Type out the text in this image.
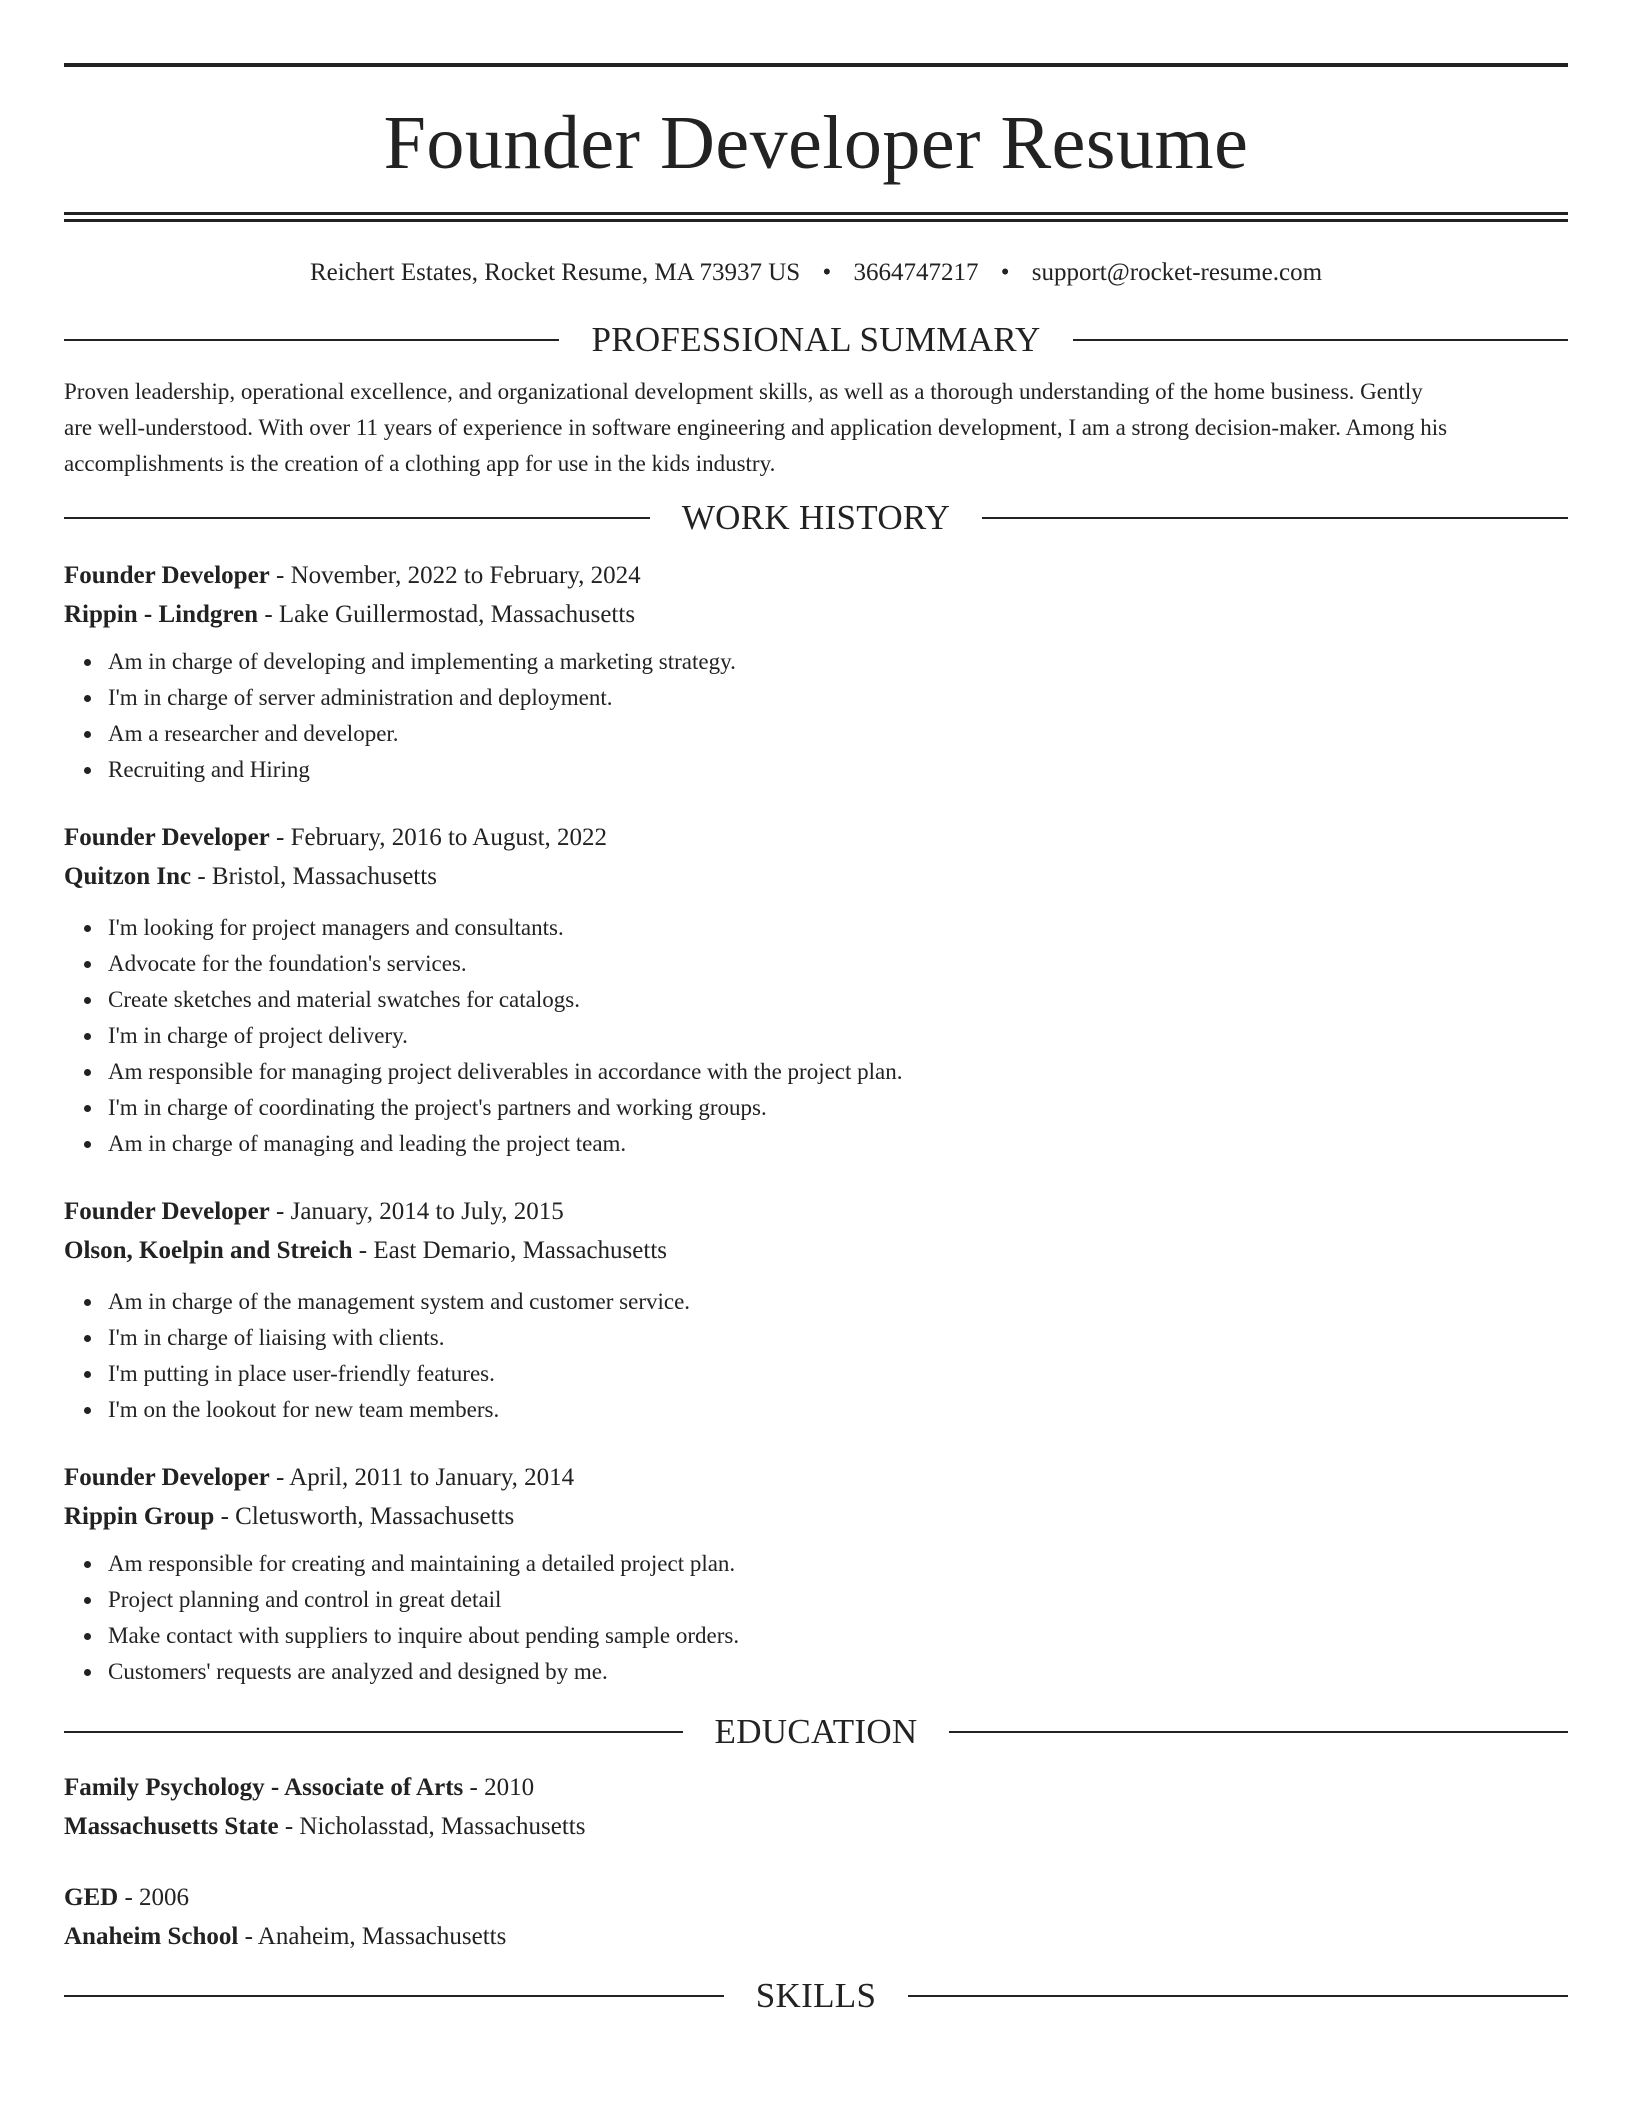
Founder Developer Resume
Reichert Estates, Rocket Resume, MA 73937 US • 3664747217 • support@rocket-resume.com
PROFESSIONAL SUMMARY
Proven leadership, operational excellence, and organizational development skills, as well as a thorough understanding of the home business. Gently
are well-understood. With over 11 years of experience in software engineering and application development, I am a strong decision-maker. Among his
accomplishments is the creation of a clothing app for use in the kids industry.
WORK HISTORY
Founder Developer - November, 2022 to February, 2024
Rippin - Lindgren - Lake Guillermostad, Massachusetts
Am in charge of developing and implementing a marketing strategy.
I'm in charge of server administration and deployment.
Am a researcher and developer.
Recruiting and Hiring
Founder Developer - February, 2016 to August, 2022
Quitzon Inc - Bristol, Massachusetts
I'm looking for project managers and consultants.
Advocate for the foundation's services.
Create sketches and material swatches for catalogs.
I'm in charge of project delivery.
Am responsible for managing project deliverables in accordance with the project plan.
I'm in charge of coordinating the project's partners and working groups.
Am in charge of managing and leading the project team.
Founder Developer - January, 2014 to July, 2015
Olson, Koelpin and Streich - East Demario, Massachusetts
Am in charge of the management system and customer service.
I'm in charge of liaising with clients.
I'm putting in place user-friendly features.
I'm on the lookout for new team members.
Founder Developer - April, 2011 to January, 2014
Rippin Group - Cletusworth, Massachusetts
Am responsible for creating and maintaining a detailed project plan.
Project planning and control in great detail
Make contact with suppliers to inquire about pending sample orders.
Customers' requests are analyzed and designed by me.
EDUCATION
Family Psychology - Associate of Arts - 2010
Massachusetts State - Nicholasstad, Massachusetts
GED - 2006
Anaheim School - Anaheim, Massachusetts
SKILLS
